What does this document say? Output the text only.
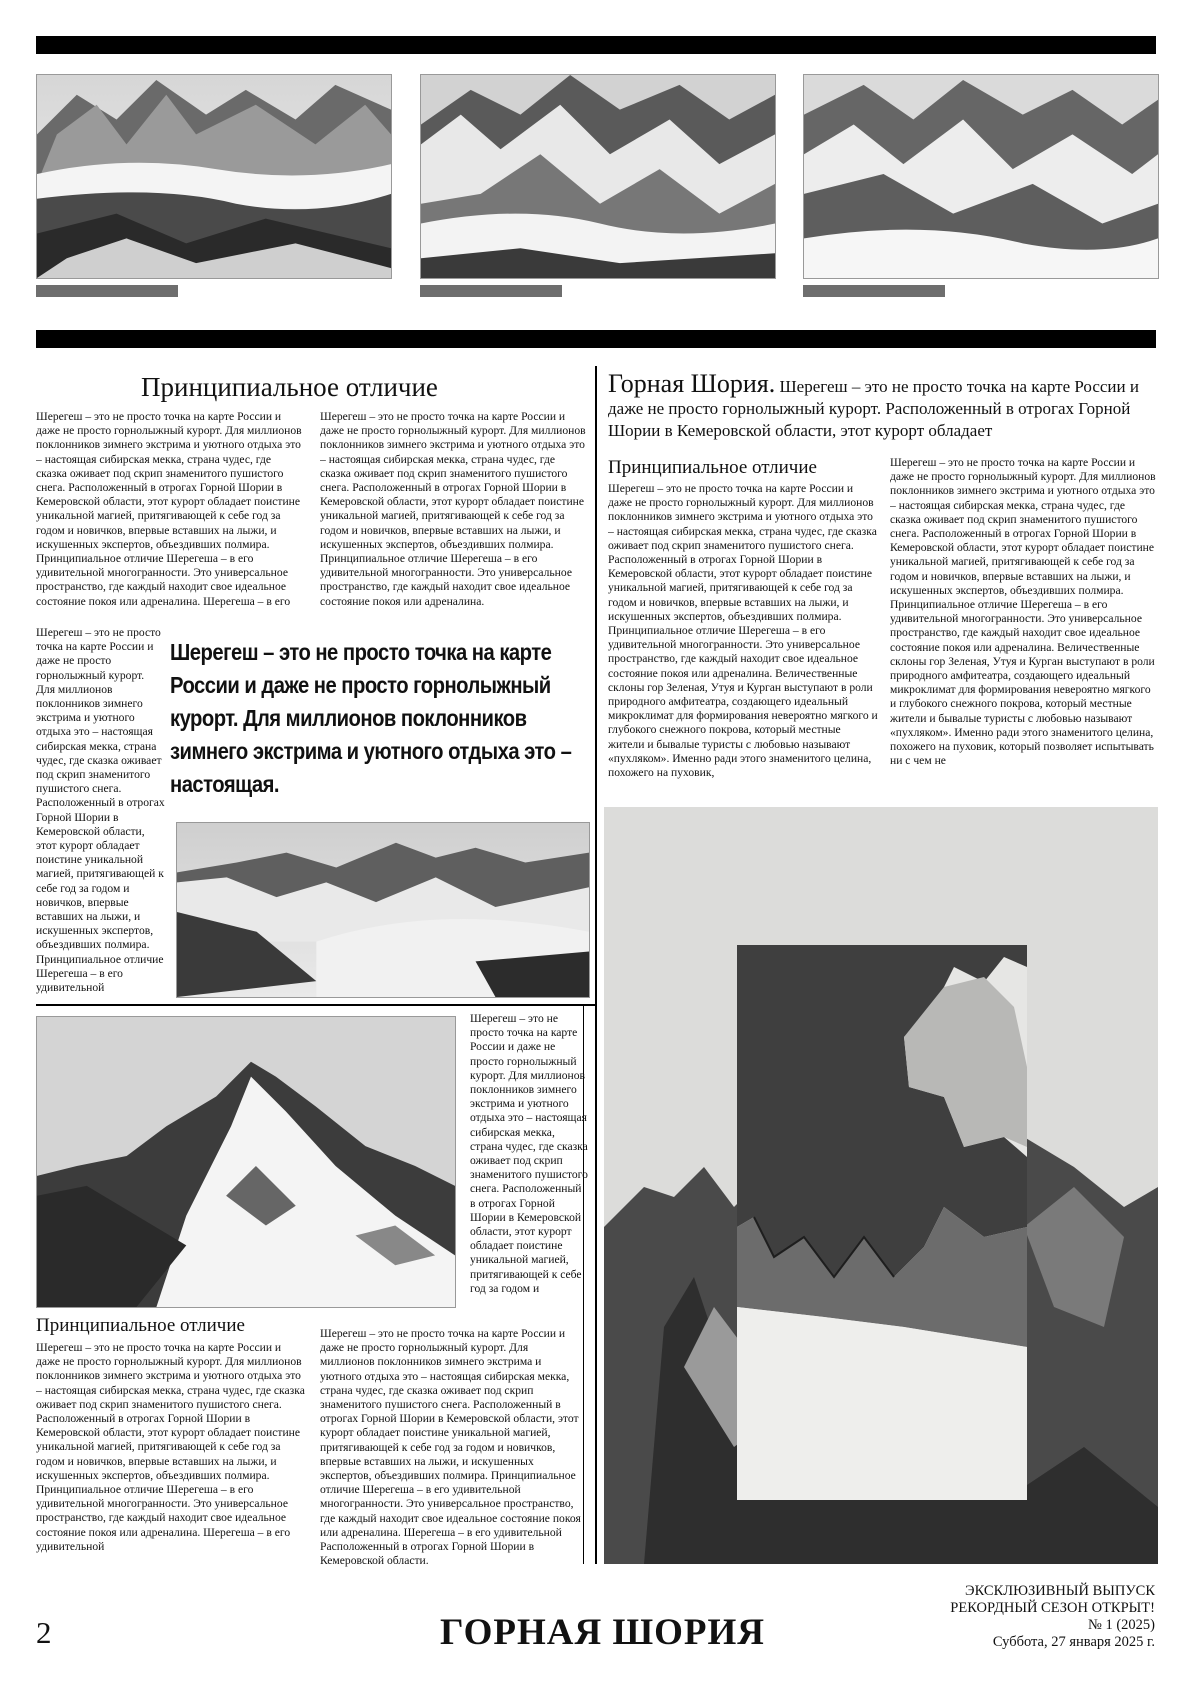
Принципиальное отличие
Шерегеш – это не просто точка на карте России и даже не просто горнолыжный курорт. Для миллионов поклонников зимнего экстрима и уютного отдыха это – настоящая сибирская мекка, страна чудес, где сказка оживает под скрип знаменитого пушистого снега. Расположенный в отрогах Горной Шории в Кемеровской области, этот курорт обладает поистине уникальной магией, притягивающей к себе год за годом и новичков, впервые вставших на лыжи, и искушенных экспертов, объездивших полмира. Принципиальное отличие Шерегеша – в его удивительной многогранности. Это универсальное пространство, где каждый находит свое идеальное состояние покоя или адреналина. Шерегеша – в его
Шерегеш – это не просто точка на карте России и даже не просто горнолыжный курорт. Для миллионов поклонников зимнего экстрима и уютного отдыха это – настоящая сибирская мекка, страна чудес, где сказка оживает под скрип знаменитого пушистого снега. Расположенный в отрогах Горной Шории в Кемеровской области, этот курорт обладает поистине уникальной магией, притягивающей к себе год за годом и новичков, впервые вставших на лыжи, и искушенных экспертов, объездивших полмира. Принципиальное отличие Шерегеша – в его удивительной многогранности. Это универсальное пространство, где каждый находит свое идеальное состояние покоя или адреналина.
Шерегеш – это не просто точка на карте России и даже не просто горнолыжный курорт. Для миллионов поклонников зимнего экстрима и уютного отдыха это – настоящая сибирская мекка, страна чудес, где сказка оживает под скрип знаменитого пушистого снега. Расположенный в отрогах Горной Шории в Кемеровской области, этот курорт обладает поистине уникальной магией, притягивающей к себе год за годом и новичков, впервые вставших на лыжи, и искушенных экспертов, объездивших полмира. Принципиальное отличие Шерегеша – в его удивительной
Шерегеш – это не просто точка на карте России и даже не просто горнолыжный курорт. Для миллионов поклонников зимнего экстрима и уютного отдыха это – настоящая.
Шерегеш – это не просто точка на карте России и даже не просто горнолыжный курорт. Для миллионов поклонников зимнего экстрима и уютного отдыха это – настоящая сибирская мекка, страна чудес, где сказка оживает под скрип знаменитого пушистого снега. Расположенный в отрогах Горной Шории в Кемеровской области, этот курорт обладает поистине уникальной магией, притягивающей к себе год за годом и
Принципиальное отличие
Шерегеш – это не просто точка на карте России и даже не просто горнолыжный курорт. Для миллионов поклонников зимнего экстрима и уютного отдыха это – настоящая сибирская мекка, страна чудес, где сказка оживает под скрип знаменитого пушистого снега. Расположенный в отрогах Горной Шории в Кемеровской области, этот курорт обладает поистине уникальной магией, притягивающей к себе год за годом и новичков, впервые вставших на лыжи, и искушенных экспертов, объездивших полмира. Принципиальное отличие Шерегеша – в его удивительной многогранности. Это универсальное пространство, где каждый находит свое идеальное состояние покоя или адреналина. Шерегеша – в его удивительной
Шерегеш – это не просто точка на карте России и даже не просто горнолыжный курорт. Для миллионов поклонников зимнего экстрима и уютного отдыха это – настоящая сибирская мекка, страна чудес, где сказка оживает под скрип знаменитого пушистого снега. Расположенный в отрогах Горной Шории в Кемеровской области, этот курорт обладает поистине уникальной магией, притягивающей к себе год за годом и новичков, впервые вставших на лыжи, и искушенных экспертов, объездивших полмира. Принципиальное отличие Шерегеша – в его удивительной многогранности. Это универсальное пространство, где каждый находит свое идеальное состояние покоя или адреналина. Шерегеша – в его удивительной Расположенный в отрогах Горной Шории в Кемеровской области.
Горная Шория. Шерегеш – это не просто точка на карте России и даже не просто горнолыжный курорт. Расположенный в отрогах Горной Шории в Кемеровской области, этот курорт обладает
Принципиальное отличие
Шерегеш – это не просто точка на карте России и даже не просто горнолыжный курорт. Для миллионов поклонников зимнего экстрима и уютного отдыха это – настоящая сибирская мекка, страна чудес, где сказка оживает под скрип знаменитого пушистого снега. Расположенный в отрогах Горной Шории в Кемеровской области, этот курорт обладает поистине уникальной магией, притягивающей к себе год за годом и новичков, впервые вставших на лыжи, и искушенных экспертов, объездивших полмира. Принципиальное отличие Шерегеша – в его удивительной многогранности. Это универсальное пространство, где каждый находит свое идеальное состояние покоя или адреналина. Величественные склоны гор Зеленая, Утуя и Курган выступают в роли природного амфитеатра, создающего идеальный микроклимат для формирования невероятно мягкого и глубокого снежного покрова, который местные жители и бывалые туристы с любовью называют «пухляком». Именно ради этого знаменитого целина, похожего на пуховик,
Шерегеш – это не просто точка на карте России и даже не просто горнолыжный курорт. Для миллионов поклонников зимнего экстрима и уютного отдыха это – настоящая сибирская мекка, страна чудес, где сказка оживает под скрип знаменитого пушистого снега. Расположенный в отрогах Горной Шории в Кемеровской области, этот курорт обладает поистине уникальной магией, притягивающей к себе год за годом и новичков, впервые вставших на лыжи, и искушенных экспертов, объездивших полмира. Принципиальное отличие Шерегеша – в его удивительной многогранности. Это универсальное пространство, где каждый находит свое идеальное состояние покоя или адреналина. Величественные склоны гор Зеленая, Утуя и Курган выступают в роли природного амфитеатра, создающего идеальный микроклимат для формирования невероятно мягкого и глубокого снежного покрова, который местные жители и бывалые туристы с любовью называют «пухляком». Именно ради этого знаменитого целина, похожего на пуховик, который позволяет испытывать ни с чем не
2	ГОРНАЯ ШОРИЯ
ЭКСКЛЮЗИВНЫЙ ВЫПУСК
РЕКОРДНЫЙ СЕЗОН ОТКРЫТ!
№ 1 (2025)
Суббота, 27 января 2025 г.
